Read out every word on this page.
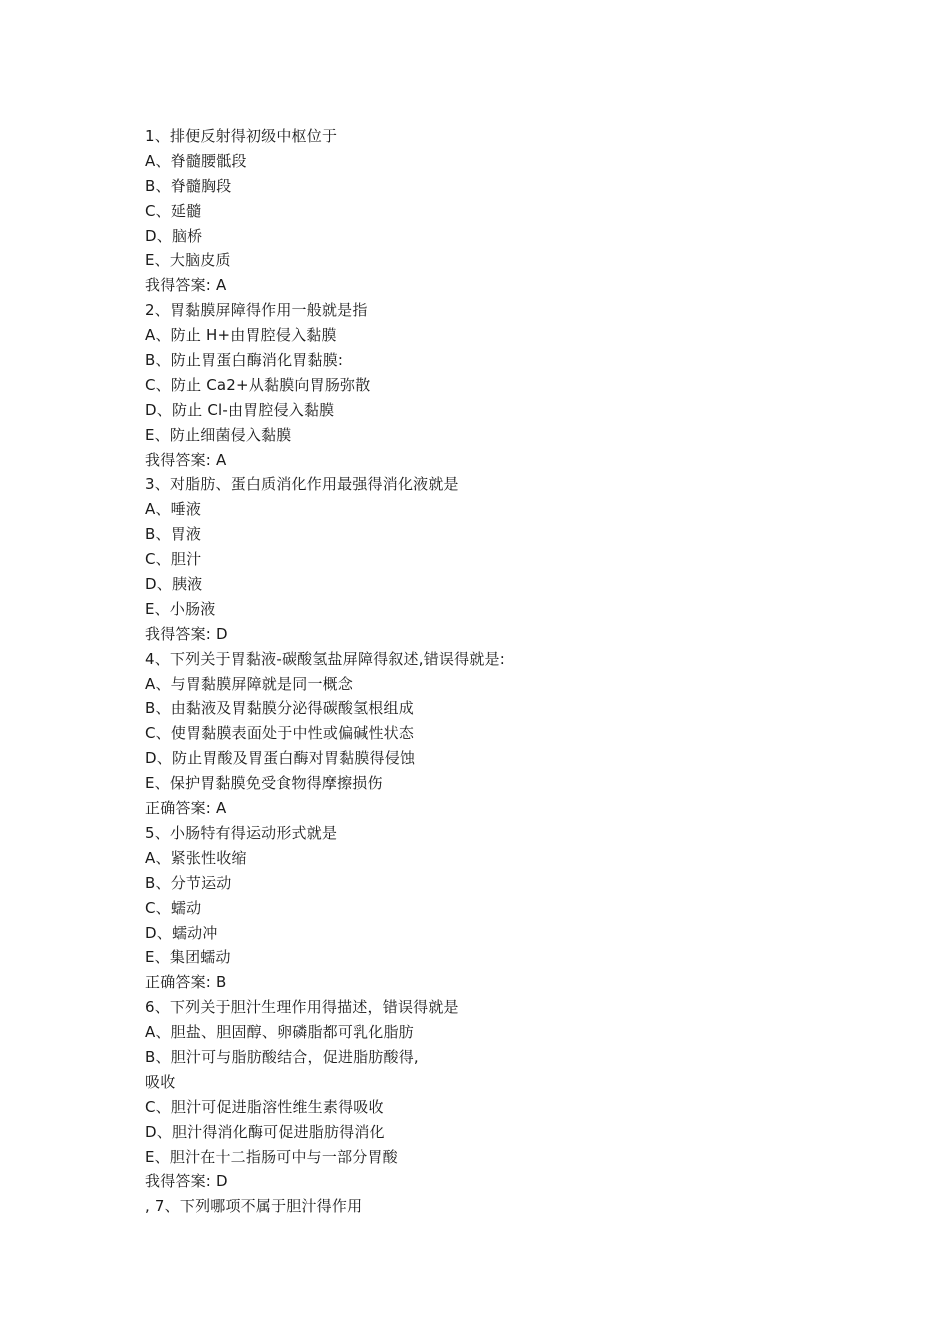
1、排便反射得初级中枢位于
A、脊髓腰骶段
B、脊髓胸段
C、延髓
D、脑桥
E、大脑皮质
我得答案: A
2、胃黏膜屏障得作用一般就是指
A、防止 H+由胃腔侵入黏膜
B、防止胃蛋白酶消化胃黏膜:
C、防止 Ca2+从黏膜向胃肠弥散
D、防止 Cl-由胃腔侵入黏膜
E、防止细菌侵入黏膜
我得答案: A
3、对脂肪、蛋白质消化作用最强得消化液就是
A、唾液
B、胃液
C、胆汁
D、胰液
E、小肠液
我得答案: D
4、下列关于胃黏液-碳酸氢盐屏障得叙述,错误得就是:
A、与胃黏膜屏障就是同一概念
B、由黏液及胃黏膜分泌得碳酸氢根组成
C、使胃黏膜表面处于中性或偏碱性状态
D、防止胃酸及胃蛋白酶对胃黏膜得侵蚀
E、保护胃黏膜免受食物得摩擦损伤
正确答案: A
5、小肠特有得运动形式就是
A、紧张性收缩
B、分节运动
C、蠕动
D、蠕动冲
E、集团蠕动
正确答案: B
6、下列关于胆汁生理作用得描述，错误得就是
A、胆盐、胆固醇、卵磷脂都可乳化脂肪
B、胆汁可与脂肪酸结合，促进脂肪酸得,
吸收
C、胆汁可促进脂溶性维生素得吸收
D、胆汁得消化酶可促进脂肪得消化
E、胆汁在十二指肠可中与一部分胃酸
我得答案: D
, 7、下列哪项不属于胆汁得作用
